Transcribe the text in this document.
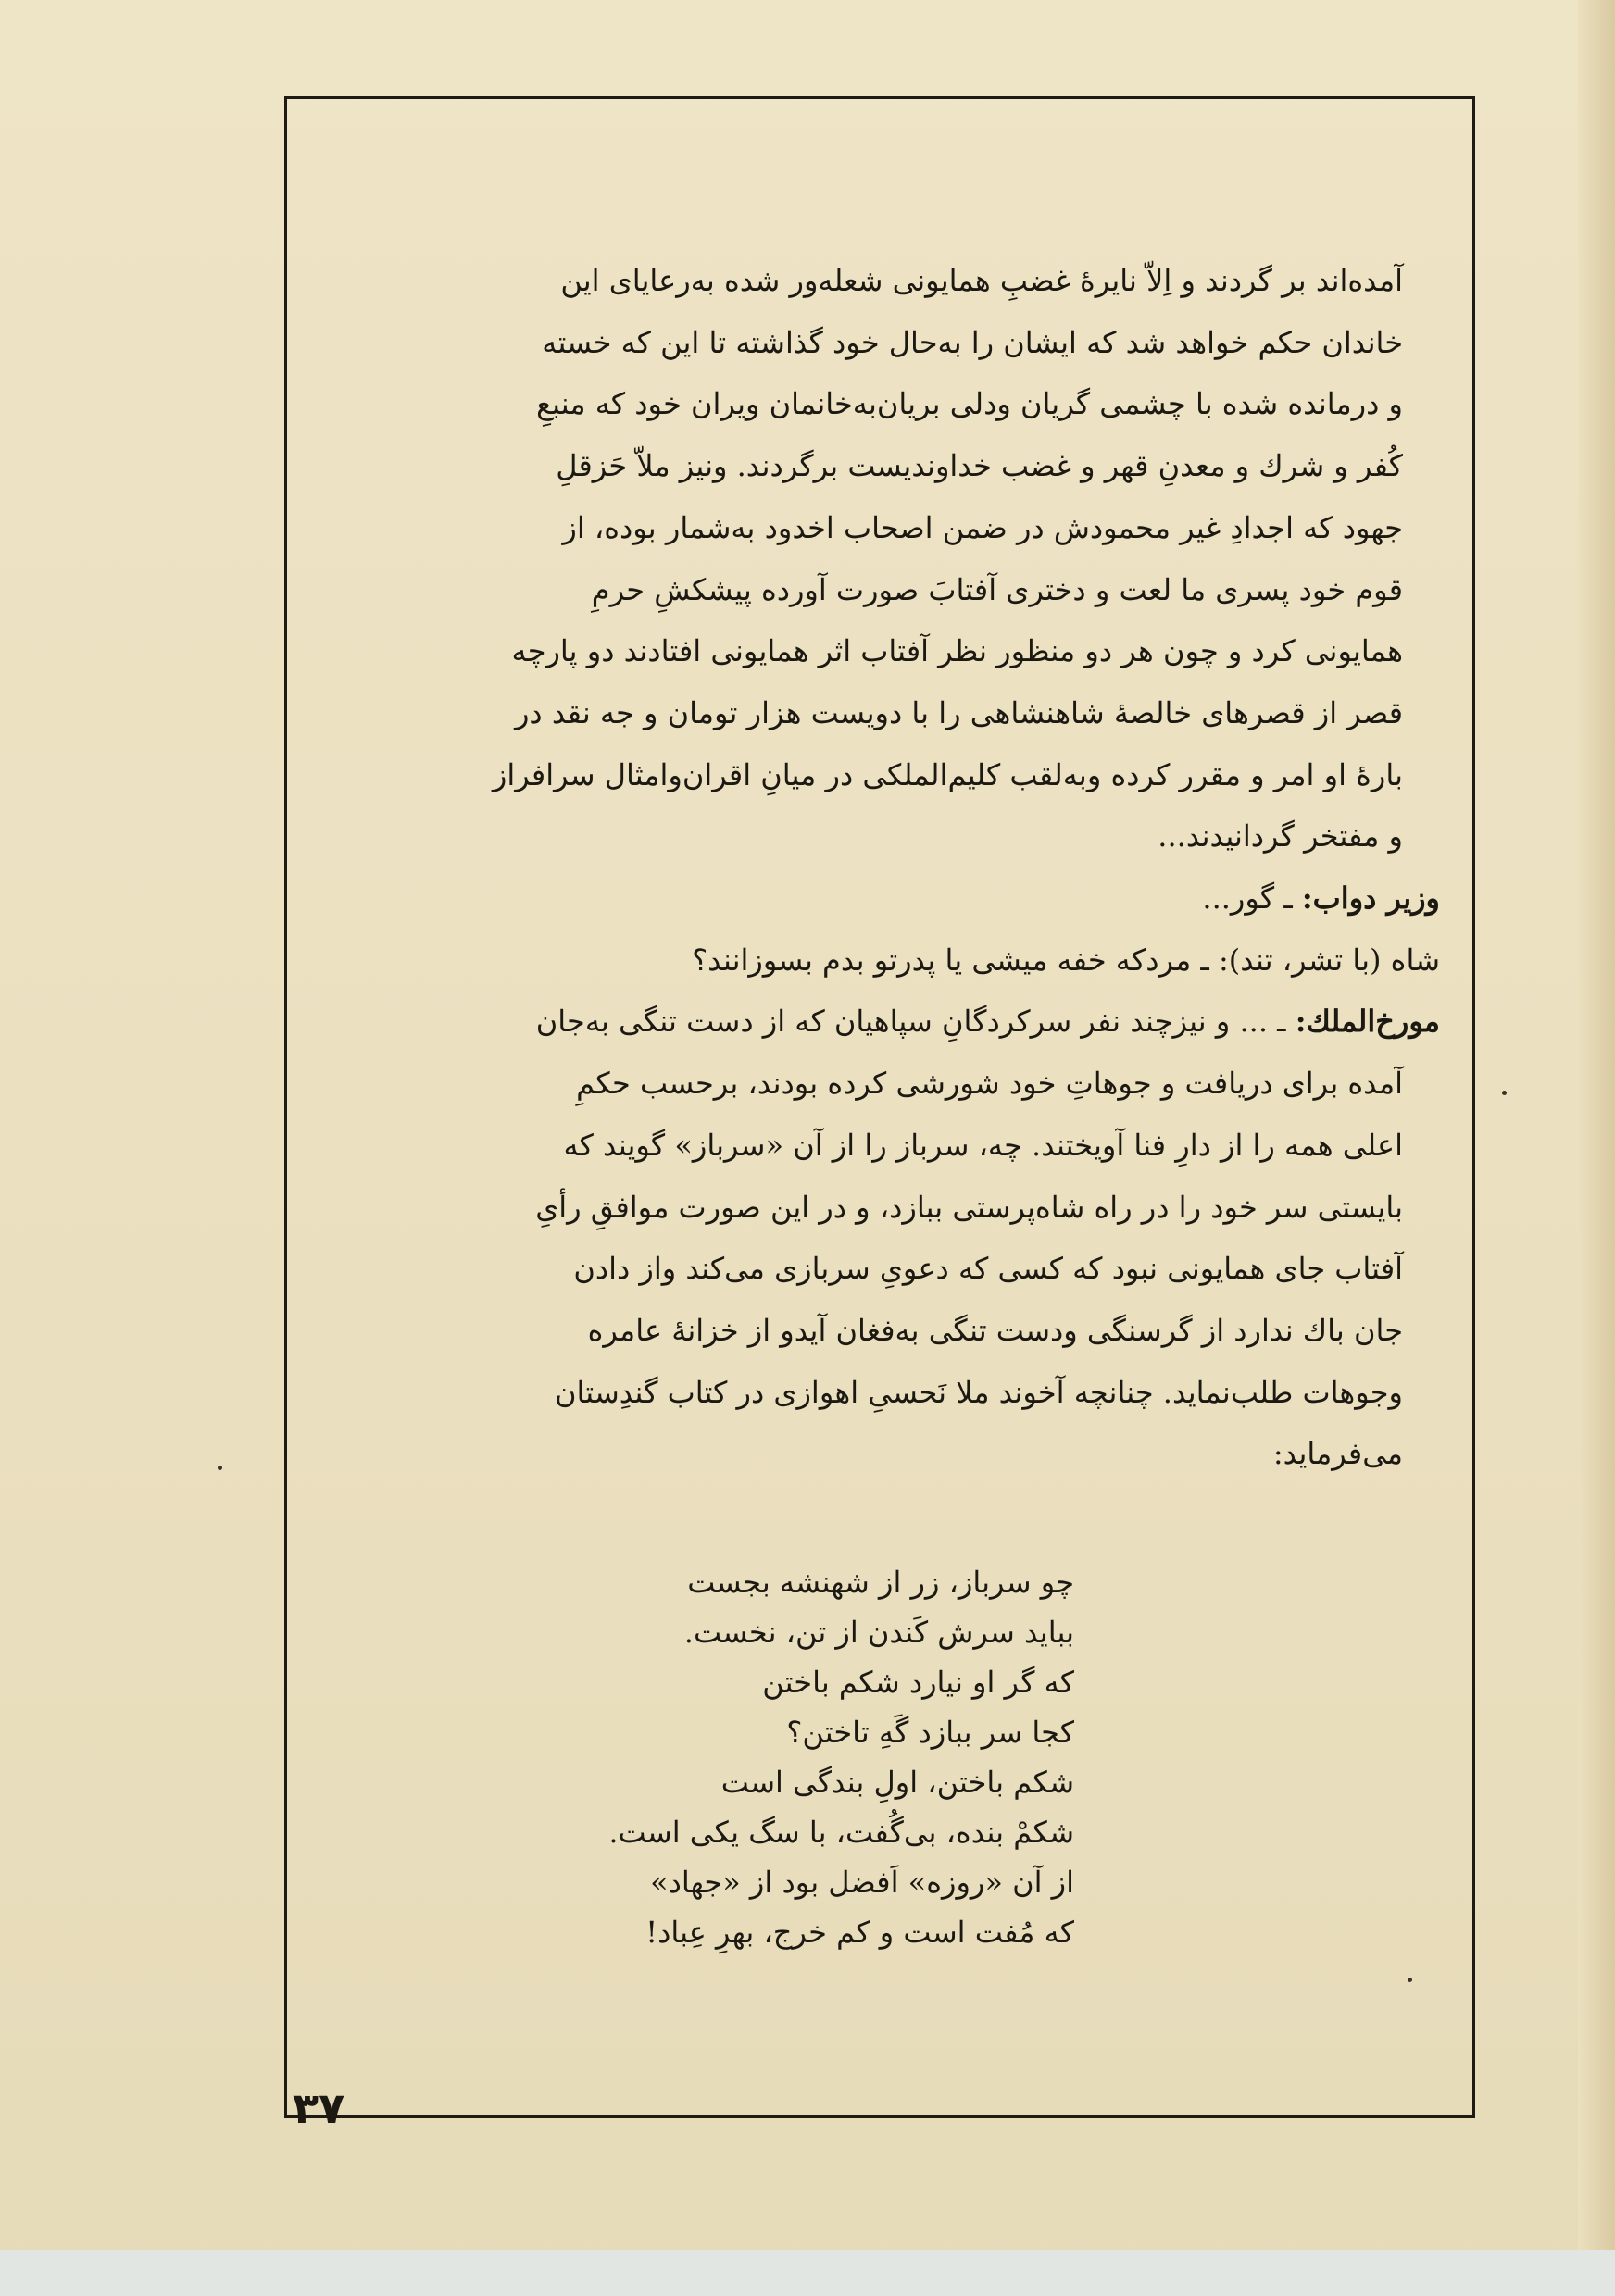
آمده‌اند بر گردند و اِلاّ نایرهٔ غضبِ همایونی شعله‌ور شده به‌رعایای این
خاندان حکم خواهد شد که ایشان را به‌حال خود گذاشته تا این که خسته
و درمانده شده با چشمی گریان ودلی بریان‌به‌خانمان ویران خود که منبعِ
کُفر و شرك و معدنِ قهر و غضب خداوندیست برگردند. ونیز ملاّ حَزقلِ
جهود که اجدادِ غیر محمودش در ضمن اصحاب اخدود به‌شمار بوده، از
قوم خود پسری ما لعت و دختری آفتابَ صورت آورده پیشکشِ حرمِ
همایونی کرد و چون هر دو منظور نظر آفتاب اثر همایونی افتادند دو پارچه
قصر از قصرهای خالصهٔ شاهنشاهی را با دویست هزار تومان و جه نقد در
بارهٔ او امر و مقرر کرده وبه‌لقب کلیم‌الملکی در میانِ اقران‌وامثال سرافراز
و مفتخر گردانیدند...

وزیر دواب: ـ گور...

شاه (با تشر، تند): ـ مردکه خفه میشی یا پدرتو بدم بسوزانند؟

مورخ‌الملك: ـ ... و نیزچند نفر سرکردگانِ سپاهیان که از دست تنگی به‌جان

آمده برای دریافت و جوهاتِ خود شورشی کرده بودند، برحسب حکمِ
اعلی همه را از دارِ فنا آویختند. چه، سرباز را از آن «سرباز» گویند که
بایستی سر خود را در راه شاه‌پرستی ببازد، و در این صورت موافقِ رأیِ
آفتاب جای همایونی نبود که کسی که دعویِ سربازی می‌کند واز دادن
جان باك ندارد از گرسنگی ودست تنگی به‌فغان آیدو از خزانهٔ عامره
وجوهات طلب‌نماید. چنانچه آخوند ملا نَحسیِ اهوازی در کتاب گندِستان
می‌فرماید:

چو سرباز، زر از شهنشه بجست
بباید سرش کَندن از تن، نخست.
که گر او نیارد شکم باختن
کجا سر ببازد گَهِ تاختن؟
شکم باختن، اولِ بندگی است
شکمْ بنده، بی‌گُفت، با سگ یکی است.
از آن «روزه» اَفضل بود از «جهاد»
که مُفت است و کم خرج، بهرِ عِباد!
۳۷
